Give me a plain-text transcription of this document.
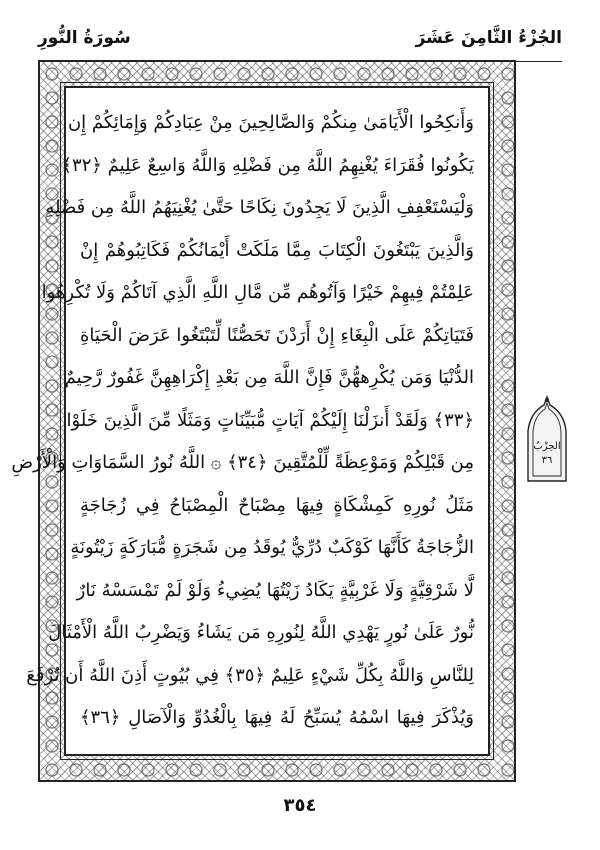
سُورَةُ النُّورِ	الجُزْءُ الثَّامِنَ عَشَرَ
وَأَنكِحُوا الْأَيَامَىٰ مِنكُمْ وَالصَّالِحِينَ مِنْ عِبَادِكُمْ وَإِمَائِكُمْ إِن
يَكُونُوا فُقَرَاءَ يُغْنِهِمُ اللَّهُ مِن فَضْلِهِ وَاللَّهُ وَاسِعٌ عَلِيمٌ ﴿٣٢﴾
وَلْيَسْتَعْفِفِ الَّذِينَ لَا يَجِدُونَ نِكَاحًا حَتَّىٰ يُغْنِيَهُمُ اللَّهُ مِن فَضْلِهِ
وَالَّذِينَ يَبْتَغُونَ الْكِتَابَ مِمَّا مَلَكَتْ أَيْمَانُكُمْ فَكَاتِبُوهُمْ إِنْ
عَلِمْتُمْ فِيهِمْ خَيْرًا وَآتُوهُم مِّن مَّالِ اللَّهِ الَّذِي آتَاكُمْ وَلَا تُكْرِهُوا
فَتَيَاتِكُمْ عَلَى الْبِغَاءِ إِنْ أَرَدْنَ تَحَصُّنًا لِّتَبْتَغُوا عَرَضَ الْحَيَاةِ
الدُّنْيَا وَمَن يُكْرِههُّنَّ فَإِنَّ اللَّهَ مِن بَعْدِ إِكْرَاهِهِنَّ غَفُورٌ رَّحِيمٌ
﴿٣٣﴾ وَلَقَدْ أَنزَلْنَا إِلَيْكُمْ آيَاتٍ مُّبَيِّنَاتٍ وَمَثَلًا مِّنَ الَّذِينَ خَلَوْا
مِن قَبْلِكُمْ وَمَوْعِظَةً لِّلْمُتَّقِينَ ﴿٣٤﴾ ۞ اللَّهُ نُورُ السَّمَاوَاتِ وَالْأَرْضِ
مَثَلُ نُورِهِ كَمِشْكَاةٍ فِيهَا مِصْبَاحٌ الْمِصْبَاحُ فِي زُجَاجَةٍ
الزُّجَاجَةُ كَأَنَّهَا كَوْكَبٌ دُرِّيٌّ يُوقَدُ مِن شَجَرَةٍ مُّبَارَكَةٍ زَيْتُونَةٍ
لَّا شَرْقِيَّةٍ وَلَا غَرْبِيَّةٍ يَكَادُ زَيْتُهَا يُضِيءُ وَلَوْ لَمْ تَمْسَسْهُ نَارٌ
نُّورٌ عَلَىٰ نُورٍ يَهْدِي اللَّهُ لِنُورِهِ مَن يَشَاءُ وَيَضْرِبُ اللَّهُ الْأَمْثَالَ
لِلنَّاسِ وَاللَّهُ بِكُلِّ شَيْءٍ عَلِيمٌ ﴿٣٥﴾ فِي بُيُوتٍ أَذِنَ اللَّهُ أَن تُرْفَعَ
وَيُذْكَرَ فِيهَا اسْمُهُ يُسَبِّحُ لَهُ فِيهَا بِالْغُدُوِّ وَالْآصَالِ ﴿٣٦﴾
الحِزْبُ
٣٦
٣٥٤
